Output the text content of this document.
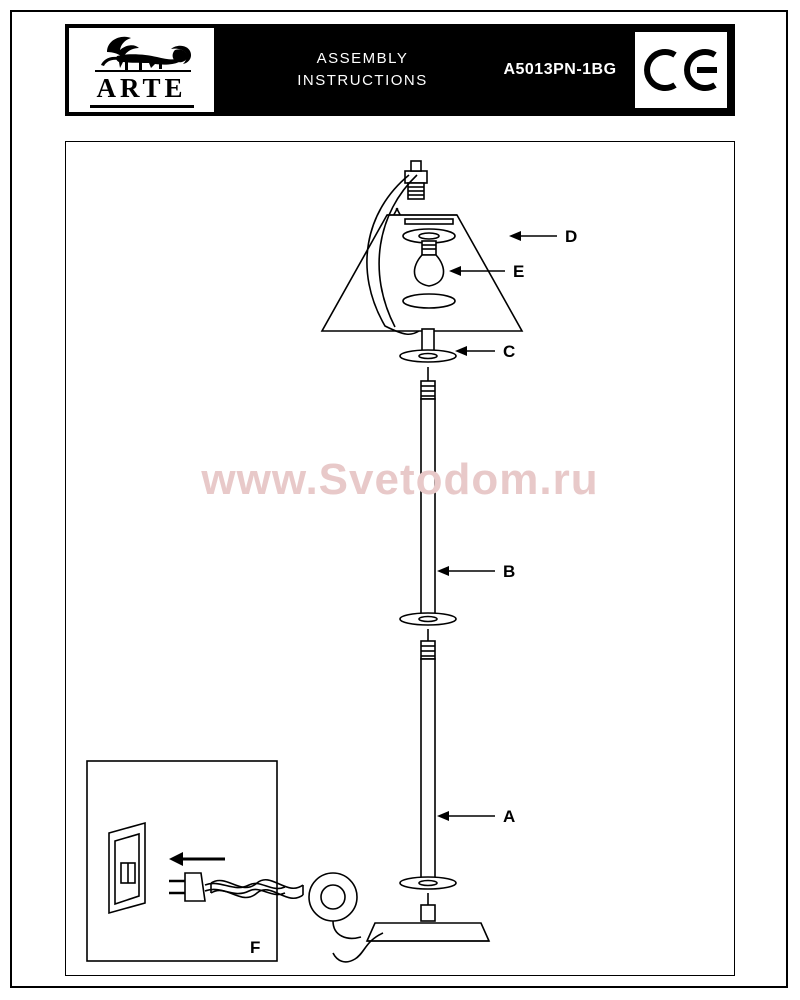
ARTE
ASSEMBLY
INSTRUCTIONS
A5013PN-1BG
D
E
C
B
A
F
www.Svetodom.ru
